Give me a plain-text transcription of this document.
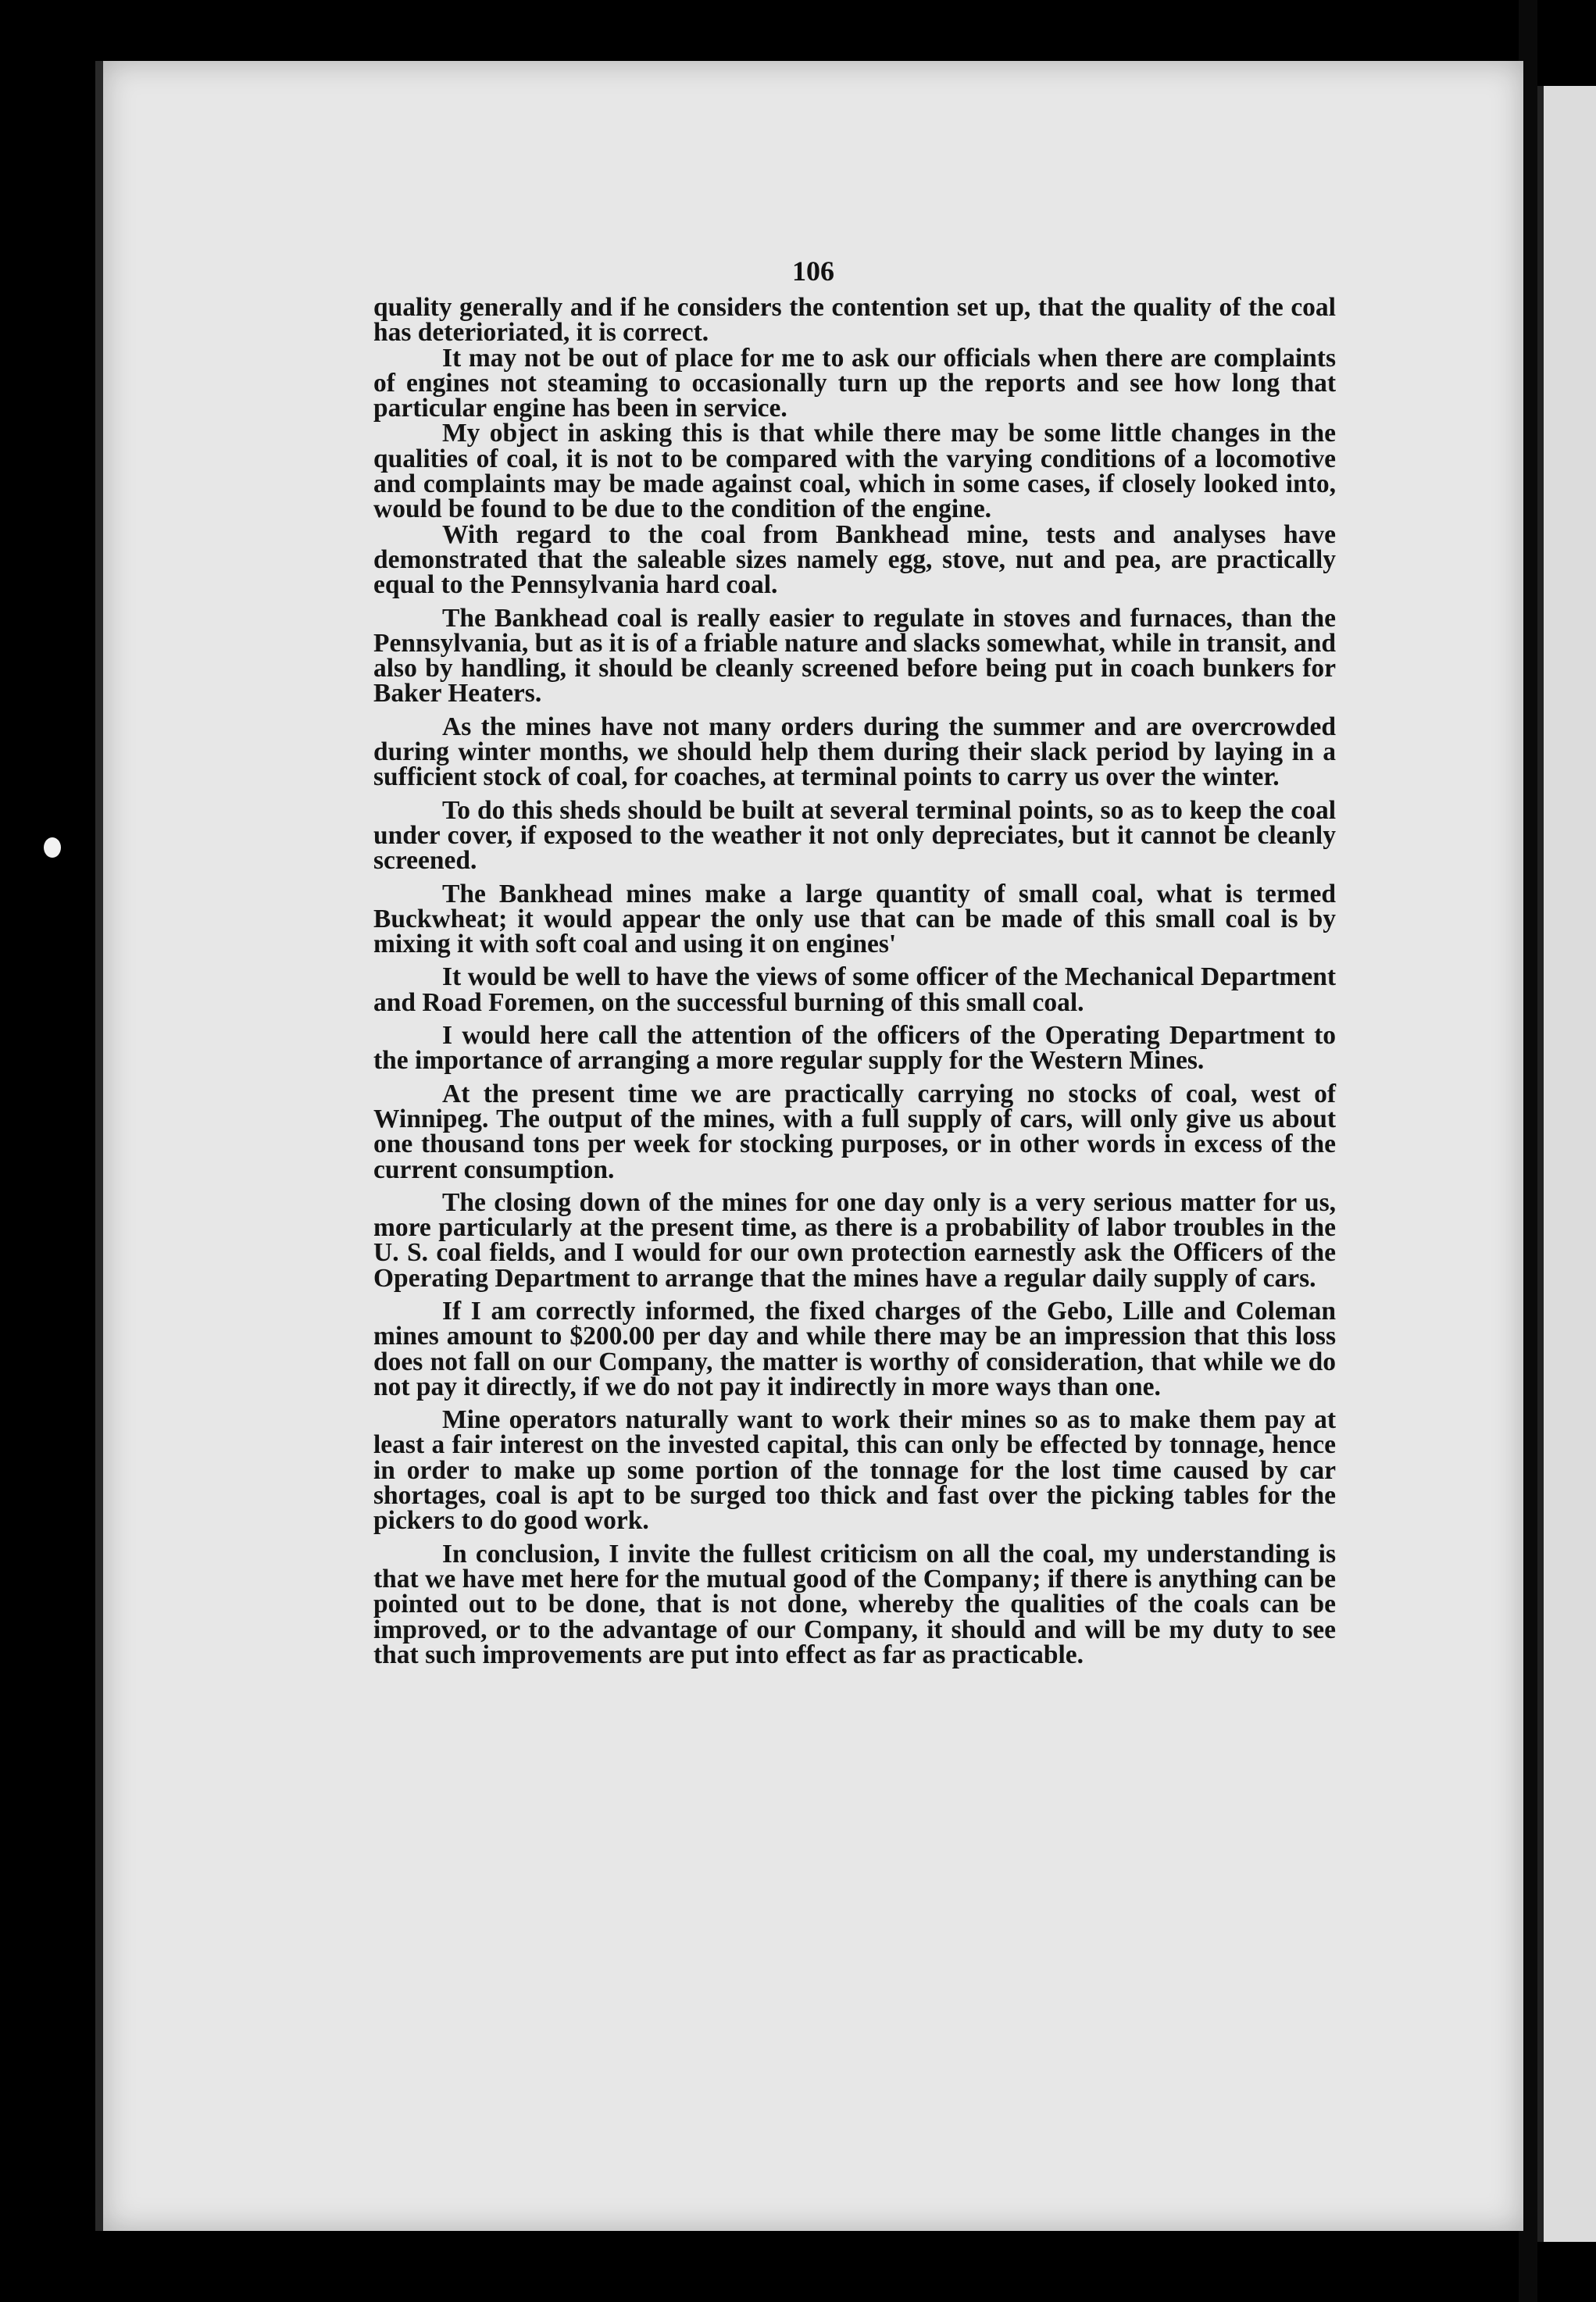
106

quality generally and if he considers the contention set up, that the quality of the coal has deterioriated, it is correct.

It may not be out of place for me to ask our officials when there are complaints of engines not steaming to occasionally turn up the reports and see how long that particular engine has been in service.

My object in asking this is that while there may be some little changes in the qualities of coal, it is not to be compared with the varying conditions of a locomotive and complaints may be made against coal, which in some cases, if closely looked into, would be found to be due to the condition of the engine.

With regard to the coal from Bankhead mine, tests and analyses have demonstrated that the saleable sizes namely egg, stove, nut and pea, are practically equal to the Pennsylvania hard coal.

The Bankhead coal is really easier to regulate in stoves and furnaces, than the Pennsylvania, but as it is of a friable nature and slacks somewhat, while in transit, and also by handling, it should be cleanly screened before being put in coach bunkers for Baker Heaters.

As the mines have not many orders during the summer and are overcrowded during winter months, we should help them during their slack period by laying in a sufficient stock of coal, for coaches, at terminal points to carry us over the winter.

To do this sheds should be built at several terminal points, so as to keep the coal under cover, if exposed to the weather it not only depreciates, but it cannot be cleanly screened.

The Bankhead mines make a large quantity of small coal, what is termed Buckwheat; it would appear the only use that can be made of this small coal is by mixing it with soft coal and using it on engines'

It would be well to have the views of some officer of the Mechanical Department and Road Foremen, on the successful burning of this small coal.

I would here call the attention of the officers of the Operating Department to the importance of arranging a more regular supply for the Western Mines.

At the present time we are practically carrying no stocks of coal, west of Winnipeg. The output of the mines, with a full supply of cars, will only give us about one thousand tons per week for stocking purposes, or in other words in excess of the current consumption.

The closing down of the mines for one day only is a very serious matter for us, more particularly at the present time, as there is a probability of labor troubles in the U. S. coal fields, and I would for our own protection earnestly ask the Officers of the Operating Department to arrange that the mines have a regular daily supply of cars.

If I am correctly informed, the fixed charges of the Gebo, Lille and Coleman mines amount to $200.00 per day and while there may be an impression that this loss does not fall on our Company, the matter is worthy of consideration, that while we do not pay it directly, if we do not pay it indirectly in more ways than one.

Mine operators naturally want to work their mines so as to make them pay at least a fair interest on the invested capital, this can only be effected by tonnage, hence in order to make up some portion of the tonnage for the lost time caused by car shortages, coal is apt to be surged too thick and fast over the picking tables for the pickers to do good work.

In conclusion, I invite the fullest criticism on all the coal, my understanding is that we have met here for the mutual good of the Company; if there is anything can be pointed out to be done, that is not done, whereby the qualities of the coals can be improved, or to the advantage of our Company, it should and will be my duty to see that such improvements are put into effect as far as practicable.
